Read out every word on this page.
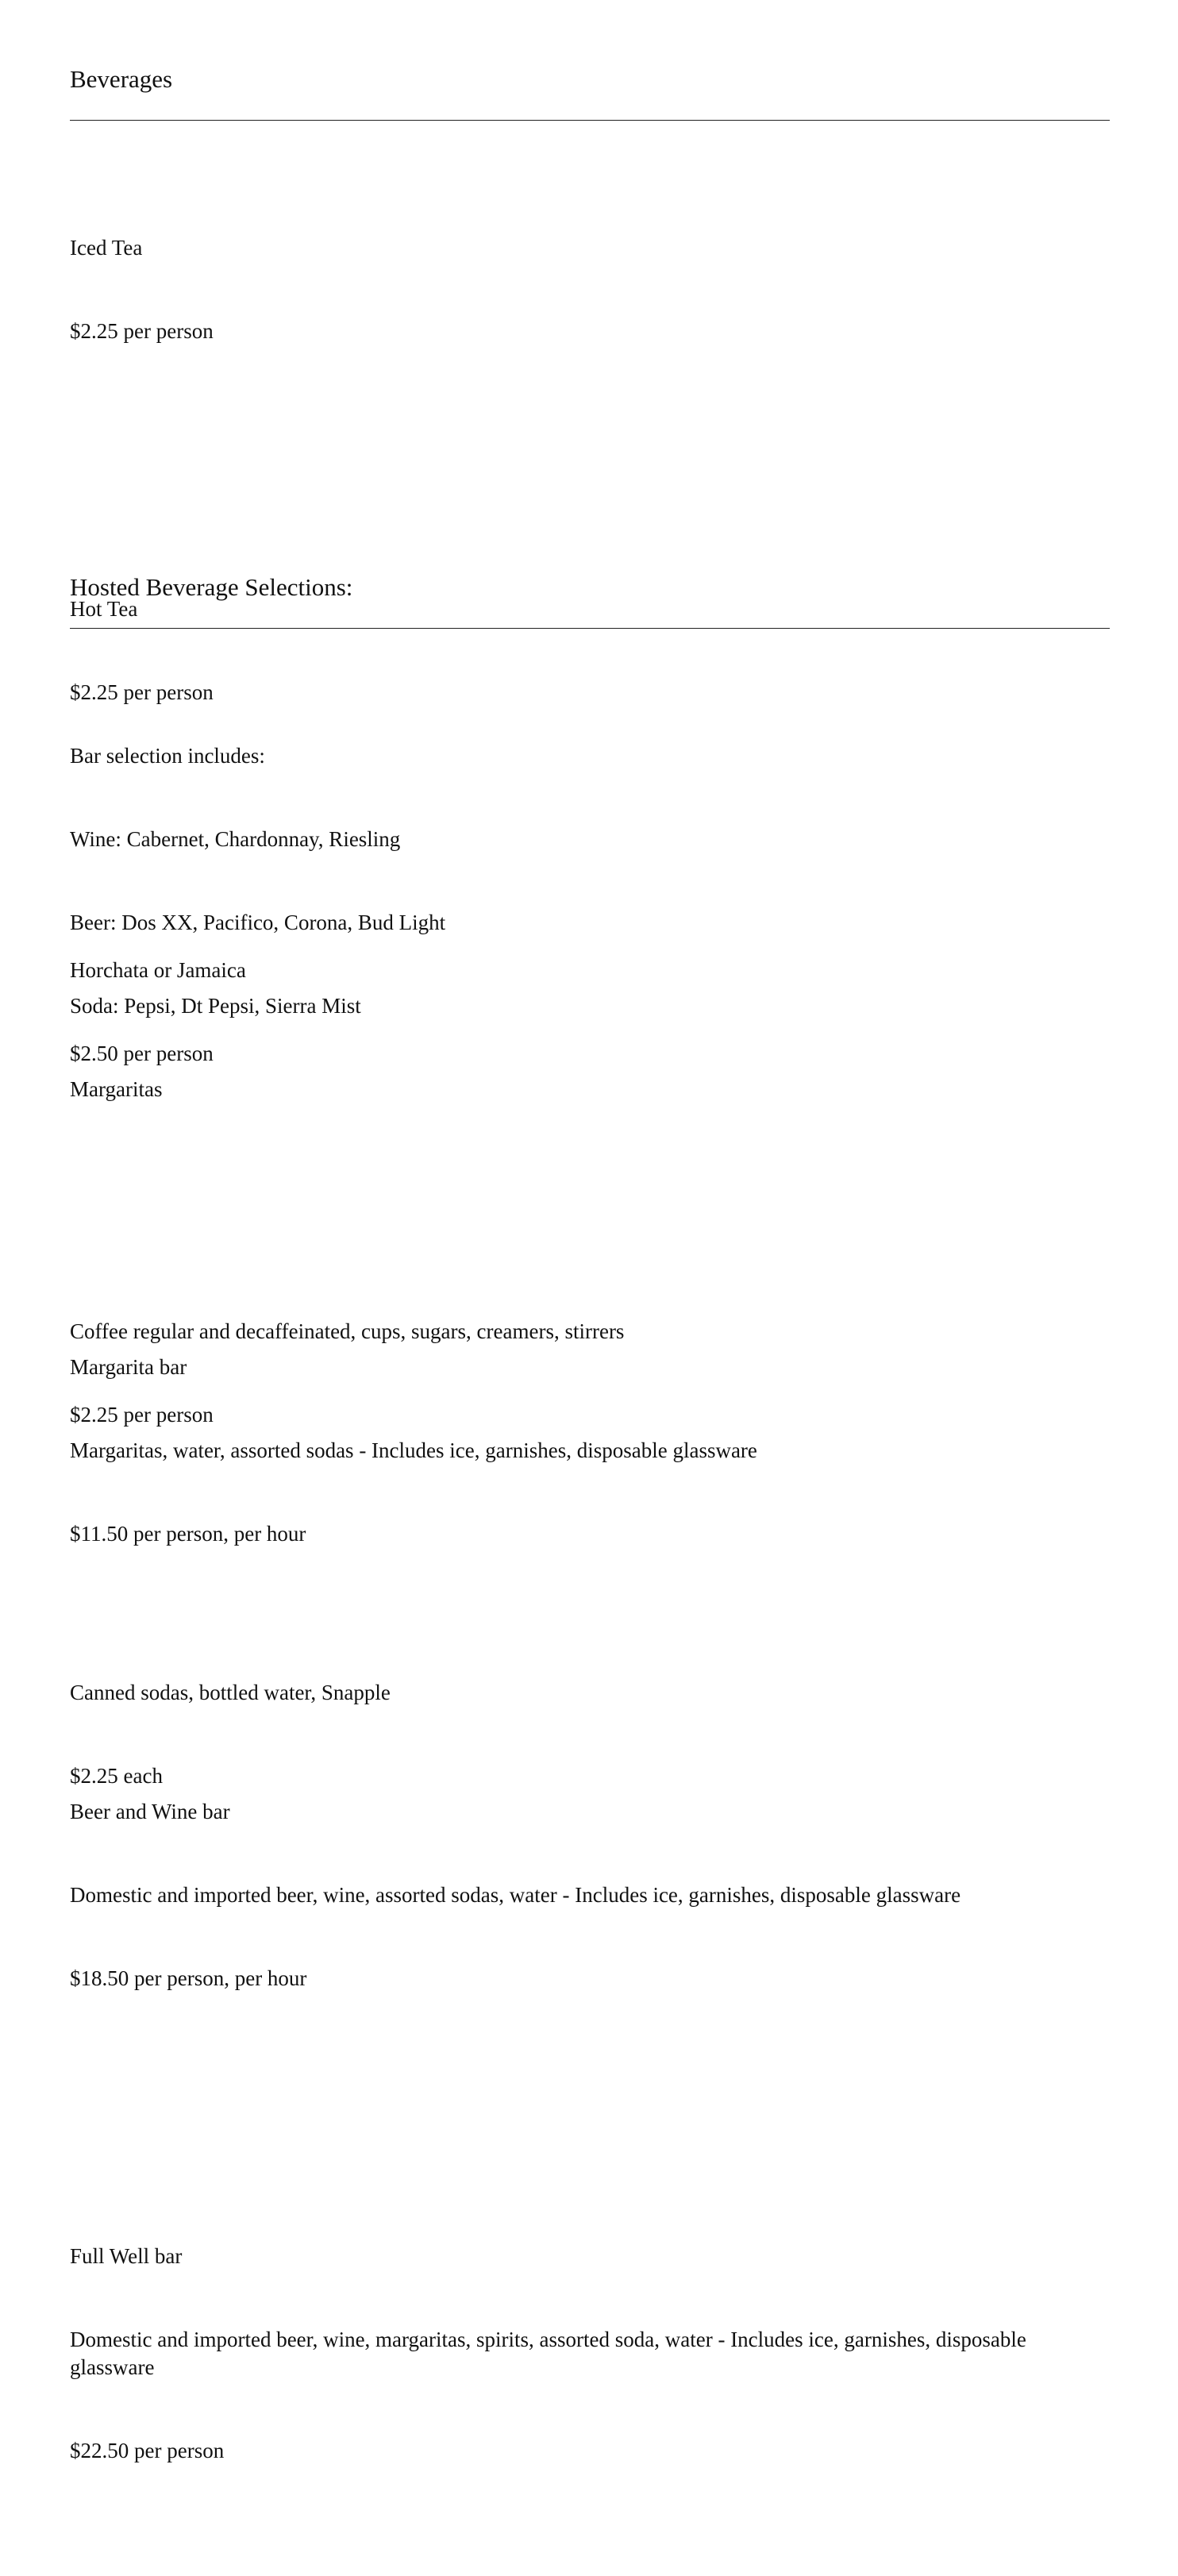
Beverages

Iced Tea

$2.25 per person

Hot Tea

$2.25 per person

Horchata or Jamaica

$2.50 per person

Coffee regular and decaffeinated, cups, sugars, creamers, stirrers

$2.25 per person

Canned sodas, bottled water, Snapple

$2.25 each

Hosted Beverage Selections:

Bar selection includes:

Wine: Cabernet, Chardonnay, Riesling

Beer: Dos XX, Pacifico, Corona, Bud Light

Soda: Pepsi, Dt Pepsi, Sierra Mist

Margaritas

Margarita bar

Margaritas, water, assorted sodas - Includes ice, garnishes, disposable glassware

$11.50 per person, per hour

Beer and Wine bar

Domestic and imported beer, wine, assorted sodas, water - Includes ice, garnishes, disposable glassware

$18.50 per person, per hour

Full Well bar

Domestic and imported beer, wine, margaritas, spirits, assorted soda, water - Includes ice, garnishes, disposable glassware

$22.50 per person
